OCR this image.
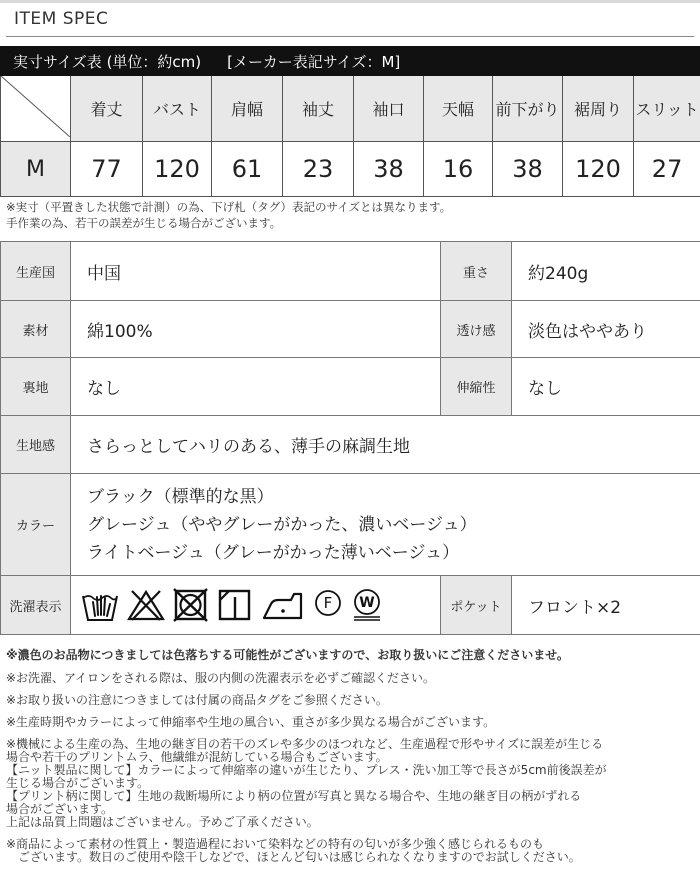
ITEM SPEC
実寸サイズ表 (単位：約cm) [メーカー表記サイズ：M]									
	着丈	バスト	肩幅	袖丈	袖口	天幅	前下がり	裾周り	スリット
M	77	120	61	23	38	16	38	120	27
※実寸（平置きした状態で計測）の為、下げ札（タグ）表記のサイズとは異なります。
手作業の為、若干の誤差が生じる場合がございます。
生産国	中国	重さ	約240g
素材	綿100%	透け感	淡色はややあり
裏地	なし	伸縮性	なし
生地感	さらっとしてハリのある、薄手の麻調生地		
カラー	ブラック（標準的な黒）
グレージュ（ややグレーがかった、濃いベージュ）
ライトベージュ（グレーがかった薄いベージュ）		

洗濯表示	F W	ポケット	フロント×2

※濃色のお品物につきましては色落ちする可能性がございますので、お取り扱いにご注意くださいませ。

※お洗濯、アイロンをされる際は、服の内側の洗濯表示を必ずご確認ください。

※お取り扱いの注意につきましては付属の商品タグをご参照ください。

※生産時期やカラーによって伸縮率や生地の風合い、重さが多少異なる場合がございます。

※機械による生産の為、生地の継ぎ目の若干のズレや多少のほつれなど、生産過程で形やサイズに誤差が生じる

場合や若干のプリントムラ、他繊維が混紡している場合もございます。

【ニット製品に関して】カラーによって伸縮率の違いが生じたり、プレス・洗い加工等で長さが5cm前後誤差が

生じる場合がございます。

【プリント柄に関して】生地の裁断場所により柄の位置が写真と異なる場合や、生地の継ぎ目の柄がずれる

場合がございます。

上記は品質上問題はございません。予めご了承ください。

※商品によって素材の性質上・製造過程において染料などの特有の匂いが多少強く感じられるものも

　ございます。数日のご使用や陰干しなどで、ほとんど匂いは感じられなくなりますのでお試しください。
